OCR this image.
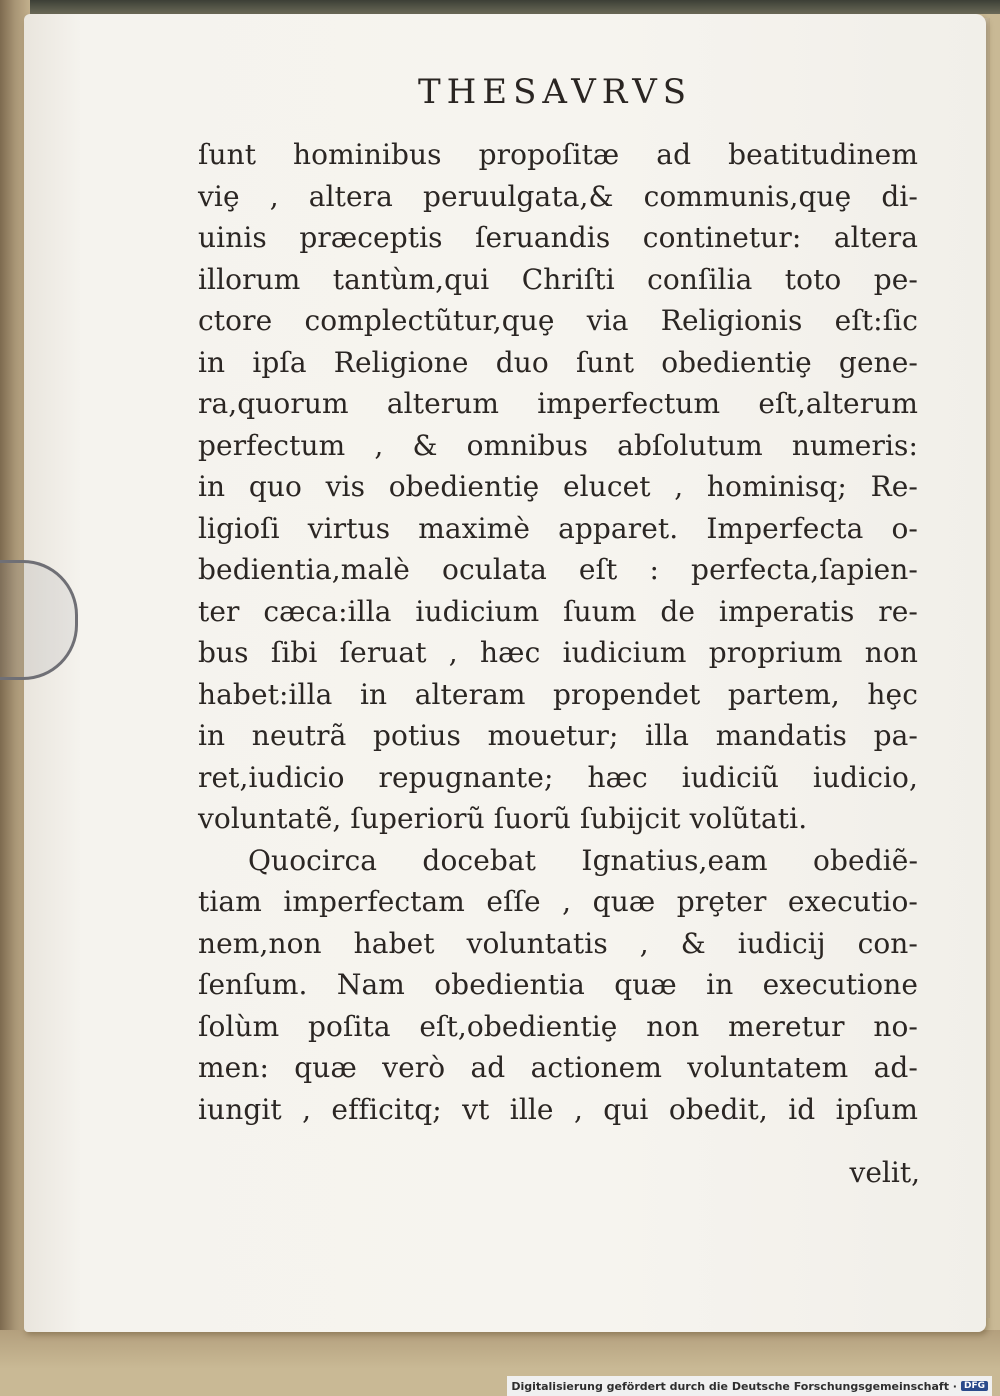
THESAVRVS
ſunt hominibus propoſitæ ad beatitudinem
viȩ , altera peruulgata,& communis,quȩ di-
uinis præceptis ſeruandis continetur: altera
illorum tantùm,qui Chriſti conſilia toto pe-
ctore complectũtur,quȩ via Religionis eſt:ſic
in ipſa Religione duo ſunt obedientiȩ gene-
ra,quorum alterum imperfectum eſt,alterum
perfectum , & omnibus abſolutum numeris:
in quo vis obedientiȩ elucet , hominisq; Re-
ligioſi virtus maximè apparet. Imperfecta o-
bedientia,malè oculata eſt : perfecta,ſapien-
ter cæca:illa iudicium ſuum de imperatis re-
bus ſibi ſeruat , hæc iudicium proprium non
habet:illa in alteram propendet partem, hȩc
in neutrã potius mouetur; illa mandatis pa-
ret,iudicio repugnante; hæc iudiciũ iudicio,
voluntatẽ, ſuperiorũ ſuorũ ſubijcit volũtati.
Quocirca docebat Ignatius,eam obediẽ-
tiam imperfectam eſſe , quæ prȩter executio-
nem,non habet voluntatis , & iudicij con-
ſenſum. Nam obedientia quæ in executione
ſolùm poſita eſt,obedientiȩ non meretur no-
men: quæ verò ad actionem voluntatem ad-
iungit , efficitq; vt ille , qui obedit, id ipſum
velit,
Digitalisierung gefördert durch die Deutsche Forschungsgemeinschaft · DFG
